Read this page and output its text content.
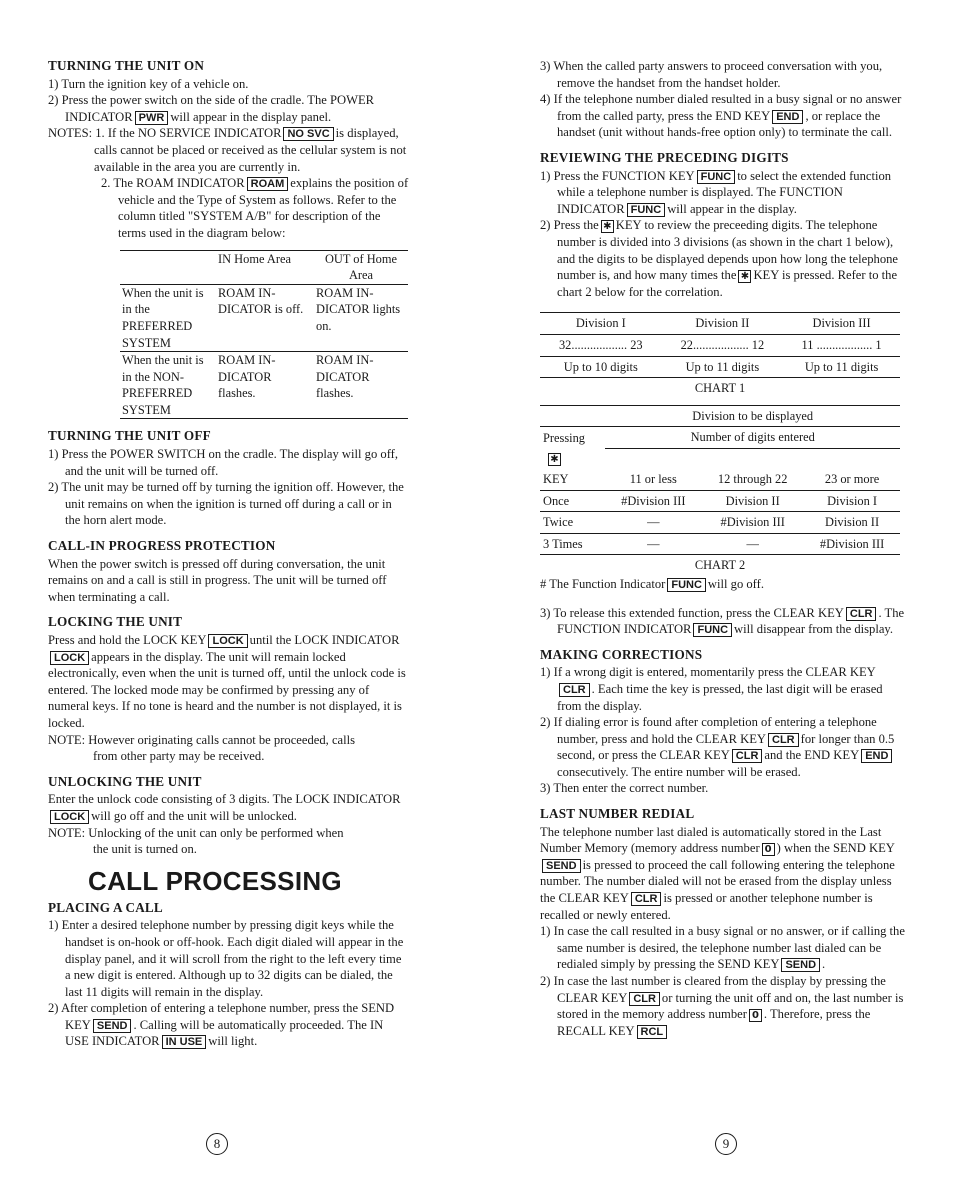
TURNING THE UNIT ON

1) Turn the ignition key of a vehicle on.

2) Press the power switch on the side of the cradle. The POWER INDICATOR PWR will appear in the display panel.

NOTES: 1. If the NO SERVICE INDICATOR NO SVC is displayed, calls cannot be placed or received as the cellular system is not available in the area you are currently in.

2. The ROAM INDICATOR ROAM explains the position of vehicle and the Type of System as follows. Refer to the column titled "SYSTEM A/B" for description of the terms used in the diagram below:

	IN Home Area	OUT of Home Area
When the unit is in the PREFERRED SYSTEM	ROAM IN-DICATOR is off.	ROAM IN-DICATOR lights on.
When the unit is in the NON-PREFERRED SYSTEM	ROAM IN-DICATOR flashes.	ROAM IN-DICATOR flashes.
TURNING THE UNIT OFF

1) Press the POWER SWITCH on the cradle. The display will go off, and the unit will be turned off.

2) The unit may be turned off by turning the ignition off. However, the unit remains on when the ignition is turned off during a call or in the horn alert mode.

CALL-IN PROGRESS PROTECTION

When the power switch is pressed off during conversation, the unit remains on and a call is still in progress. The unit will be turned off when terminating a call.

LOCKING THE UNIT

Press and hold the LOCK KEY LOCK until the LOCK INDICATORLOCK appears in the display. The unit will remain locked electronically, even when the unit is turned off, until the unlock code is entered. The locked mode may be confirmed by pressing any of numeral keys. If no tone is heard and the number is not displayed, it is locked.

NOTE: However originating calls cannot be proceeded, calls

from other party may be received.

UNLOCKING THE UNIT

Enter the unlock code consisting of 3 digits. The LOCK INDICATORLOCK will go off and the unit will be unlocked.

NOTE: Unlocking of the unit can only be performed when

the unit is turned on.

CALL PROCESSING
PLACING A CALL

1) Enter a desired telephone number by pressing digit keys while the handset is on-hook or off-hook. Each digit dialed will appear in the display panel, and it will scroll from the right to the left every time a new digit is entered. Although up to 32 digits can be dialed, the last 11 digits will remain in the display.

2) After completion of entering a telephone number, press the SEND KEY SEND . Calling will be automatically proceeded. The IN USE INDICATOR IN USE will light.

8

3) When the called party answers to proceed conversation with you, remove the handset from the handset holder.

4) If the telephone number dialed resulted in a busy signal or no answer from the called party, press the END KEY END , or replace the handset (unit without hands-free option only) to terminate the call.

REVIEWING THE PRECEDING DIGITS

1) Press the FUNCTION KEY FUNC to select the extended function while a telephone number is displayed. The FUNCTION INDICATOR FUNC will appear in the display.

2) Press the ✱ KEY to review the preceeding digits. The telephone number is divided into 3 divisions (as shown in the chart 1 below), and the digits to be displayed depends upon how long the telephone number is, and how many times the ✱ KEY is pressed. Refer to the chart 2 below for the correlation.

Division I	Division II	Division III
32.................. 23	22.................. 12	11 .................. 1
Up to 10 digits	Up to 11 digits	Up to 11 digits
CHART 1		
	Division to be displayed		
Pressing	Number of digits entered		
✱			
KEY	11 or less	12 through 22	23 or more
Once	#Division III	Division II	Division I
Twice	—	#Division III	Division II
3 Times	—	—	#Division III
CHART 2			

# The Function Indicator FUNC will go off.

3) To release this extended function, press the CLEAR KEY CLR . The FUNCTION INDICATOR FUNC will disappear from the display.

MAKING CORRECTIONS

1) If a wrong digit is entered, momentarily press the CLEAR KEYCLR . Each time the key is pressed, the last digit will be erased from the display.

2) If dialing error is found after completion of entering a telephone number, press and hold the CLEAR KEY CLR for longer than 0.5 second, or press the CLEAR KEY CLR and the END KEY ENDconsecutively. The entire number will be erased.

3) Then enter the correct number.

LAST NUMBER REDIAL

The telephone number last dialed is automatically stored in the Last Number Memory (memory address number 0 ) when the SEND KEYSEND is pressed to proceed the call following entering the telephone number. The number dialed will not be erased from the display unless the CLEAR KEY CLR is pressed or another telephone number is recalled or newly entered.

1) In case the call resulted in a busy signal or no answer, or if calling the same number is desired, the telephone number last dialed can be redialed simply by pressing the SEND KEY SEND .

2) In case the last number is cleared from the display by pressing the CLEAR KEY CLR or turning the unit off and on, the last number is stored in the memory address number 0 . Therefore, press the RECALL KEY RCL

9
